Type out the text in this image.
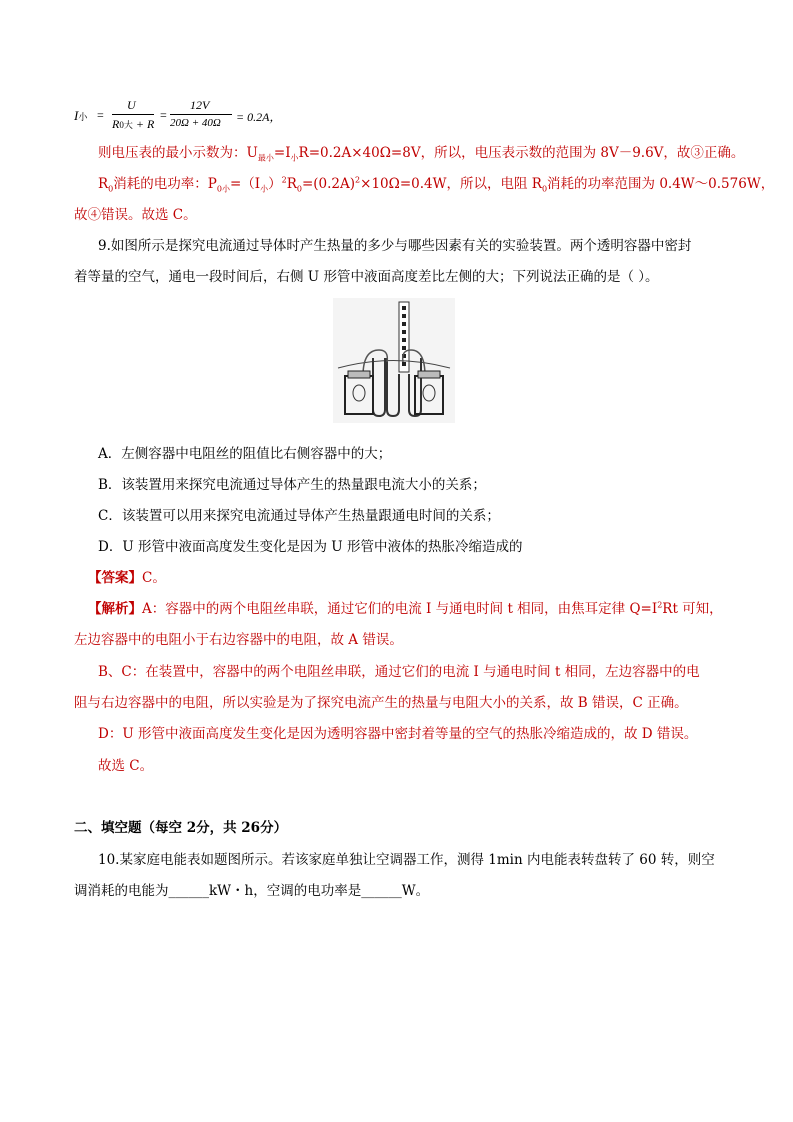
I小 =
U
R0大 + R
=
12V
20Ω + 40Ω = 0.2A，
则电压表的最小示数为：$U_{最小}=I_小R=0.2A\times 40\Omega=8V$，所以，电压表示数的范围为 8V－9.6V，故③正确。
$R_0$消耗的电功率：$P_{0小}=(I_小)^2R_0=(0.2A)^2\times 10\Omega=0.4W$，所以，电阻 $R_0$消耗的功率范围为 0.4W～0.576W，
故④错误。故选 C。
9.如图所示是探究电流通过导体时产生热量的多少与哪些因素有关的实验装置。两个透明容器中密封
着等量的空气，通电一段时间后，右侧 U 形管中液面高度差比左侧的大；下列说法正确的是（ ）。
A．左侧容器中电阻丝的阻值比右侧容器中的大；
B．该装置用来探究电流通过导体产生的热量跟电流大小的关系；
C．该装置可以用来探究电流通过导体产生热量跟通电时间的关系；
D．U 形管中液面高度发生变化是因为 U 形管中液体的热胀冷缩造成的
【答案】C。
【解析】A：容器中的两个电阻丝串联，通过它们的电流 I 与通电时间 t 相同，由焦耳定律 $Q=I^2Rt$ 可知，
左边容器中的电阻小于右边容器中的电阻，故 A 错误。
B、C：在装置中，容器中的两个电阻丝串联，通过它们的电流 I 与通电时间 t 相同，左边容器中的电
阻与右边容器中的电阻，所以实验是为了探究电流产生的热量与电阻大小的关系，故 B 错误，C 正确。
D：U 形管中液面高度发生变化是因为透明容器中密封着等量的空气的热胀冷缩造成的，故 D 错误。
故选 C。
二、填空题（每空 2分，共 26分）
10.某家庭电能表如题图所示。若该家庭单独让空调器工作，测得 1min 内电能表转盘转了 60 转，则空
调消耗的电能为______kW・h，空调的电功率是______W。
